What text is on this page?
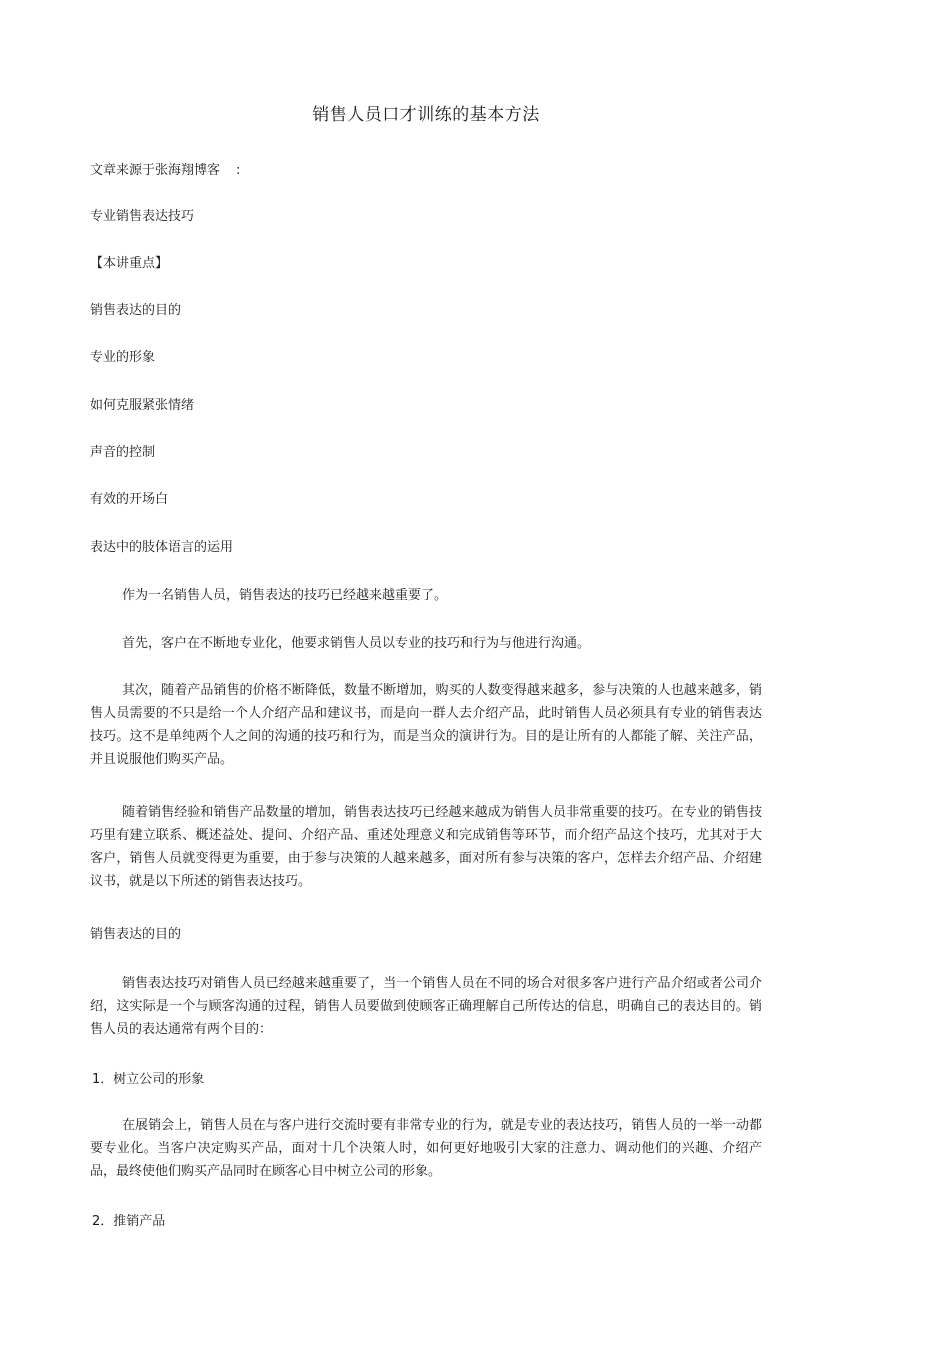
销售人员口才训练的基本方法

文章来源于张海翔博客 :

专业销售表达技巧

【本讲重点】

销售表达的目的

专业的形象

如何克服紧张情绪

声音的控制

有效的开场白

表达中的肢体语言的运用

作为一名销售人员，销售表达的技巧已经越来越重要了。

首先，客户在不断地专业化，他要求销售人员以专业的技巧和行为与他进行沟通。

其次，随着产品销售的价格不断降低，数量不断增加，购买的人数变得越来越多，参与决策的人也越来越多，销售人员需要的不只是给一个人介绍产品和建议书，而是向一群人去介绍产品，此时销售人员必须具有专业的销售表达技巧。这不是单纯两个人之间的沟通的技巧和行为，而是当众的演讲行为。目的是让所有的人都能了解、关注产品，并且说服他们购买产品。

随着销售经验和销售产品数量的增加，销售表达技巧已经越来越成为销售人员非常重要的技巧。在专业的销售技巧里有建立联系、概述益处、提问、介绍产品、重述处理意义和完成销售等环节，而介绍产品这个技巧，尤其对于大客户，销售人员就变得更为重要，由于参与决策的人越来越多，面对所有参与决策的客户，怎样去介绍产品、介绍建议书，就是以下所述的销售表达技巧。

销售表达的目的

销售表达技巧对销售人员已经越来越重要了，当一个销售人员在不同的场合对很多客户进行产品介绍或者公司介绍，这实际是一个与顾客沟通的过程，销售人员要做到使顾客正确理解自己所传达的信息，明确自己的表达目的。销售人员的表达通常有两个目的：

1．树立公司的形象

在展销会上，销售人员在与客户进行交流时要有非常专业的行为，就是专业的表达技巧，销售人员的一举一动都要专业化。当客户决定购买产品，面对十几个决策人时，如何更好地吸引大家的注意力、调动他们的兴趣、介绍产品，最终使他们购买产品同时在顾客心目中树立公司的形象。

2．推销产品
